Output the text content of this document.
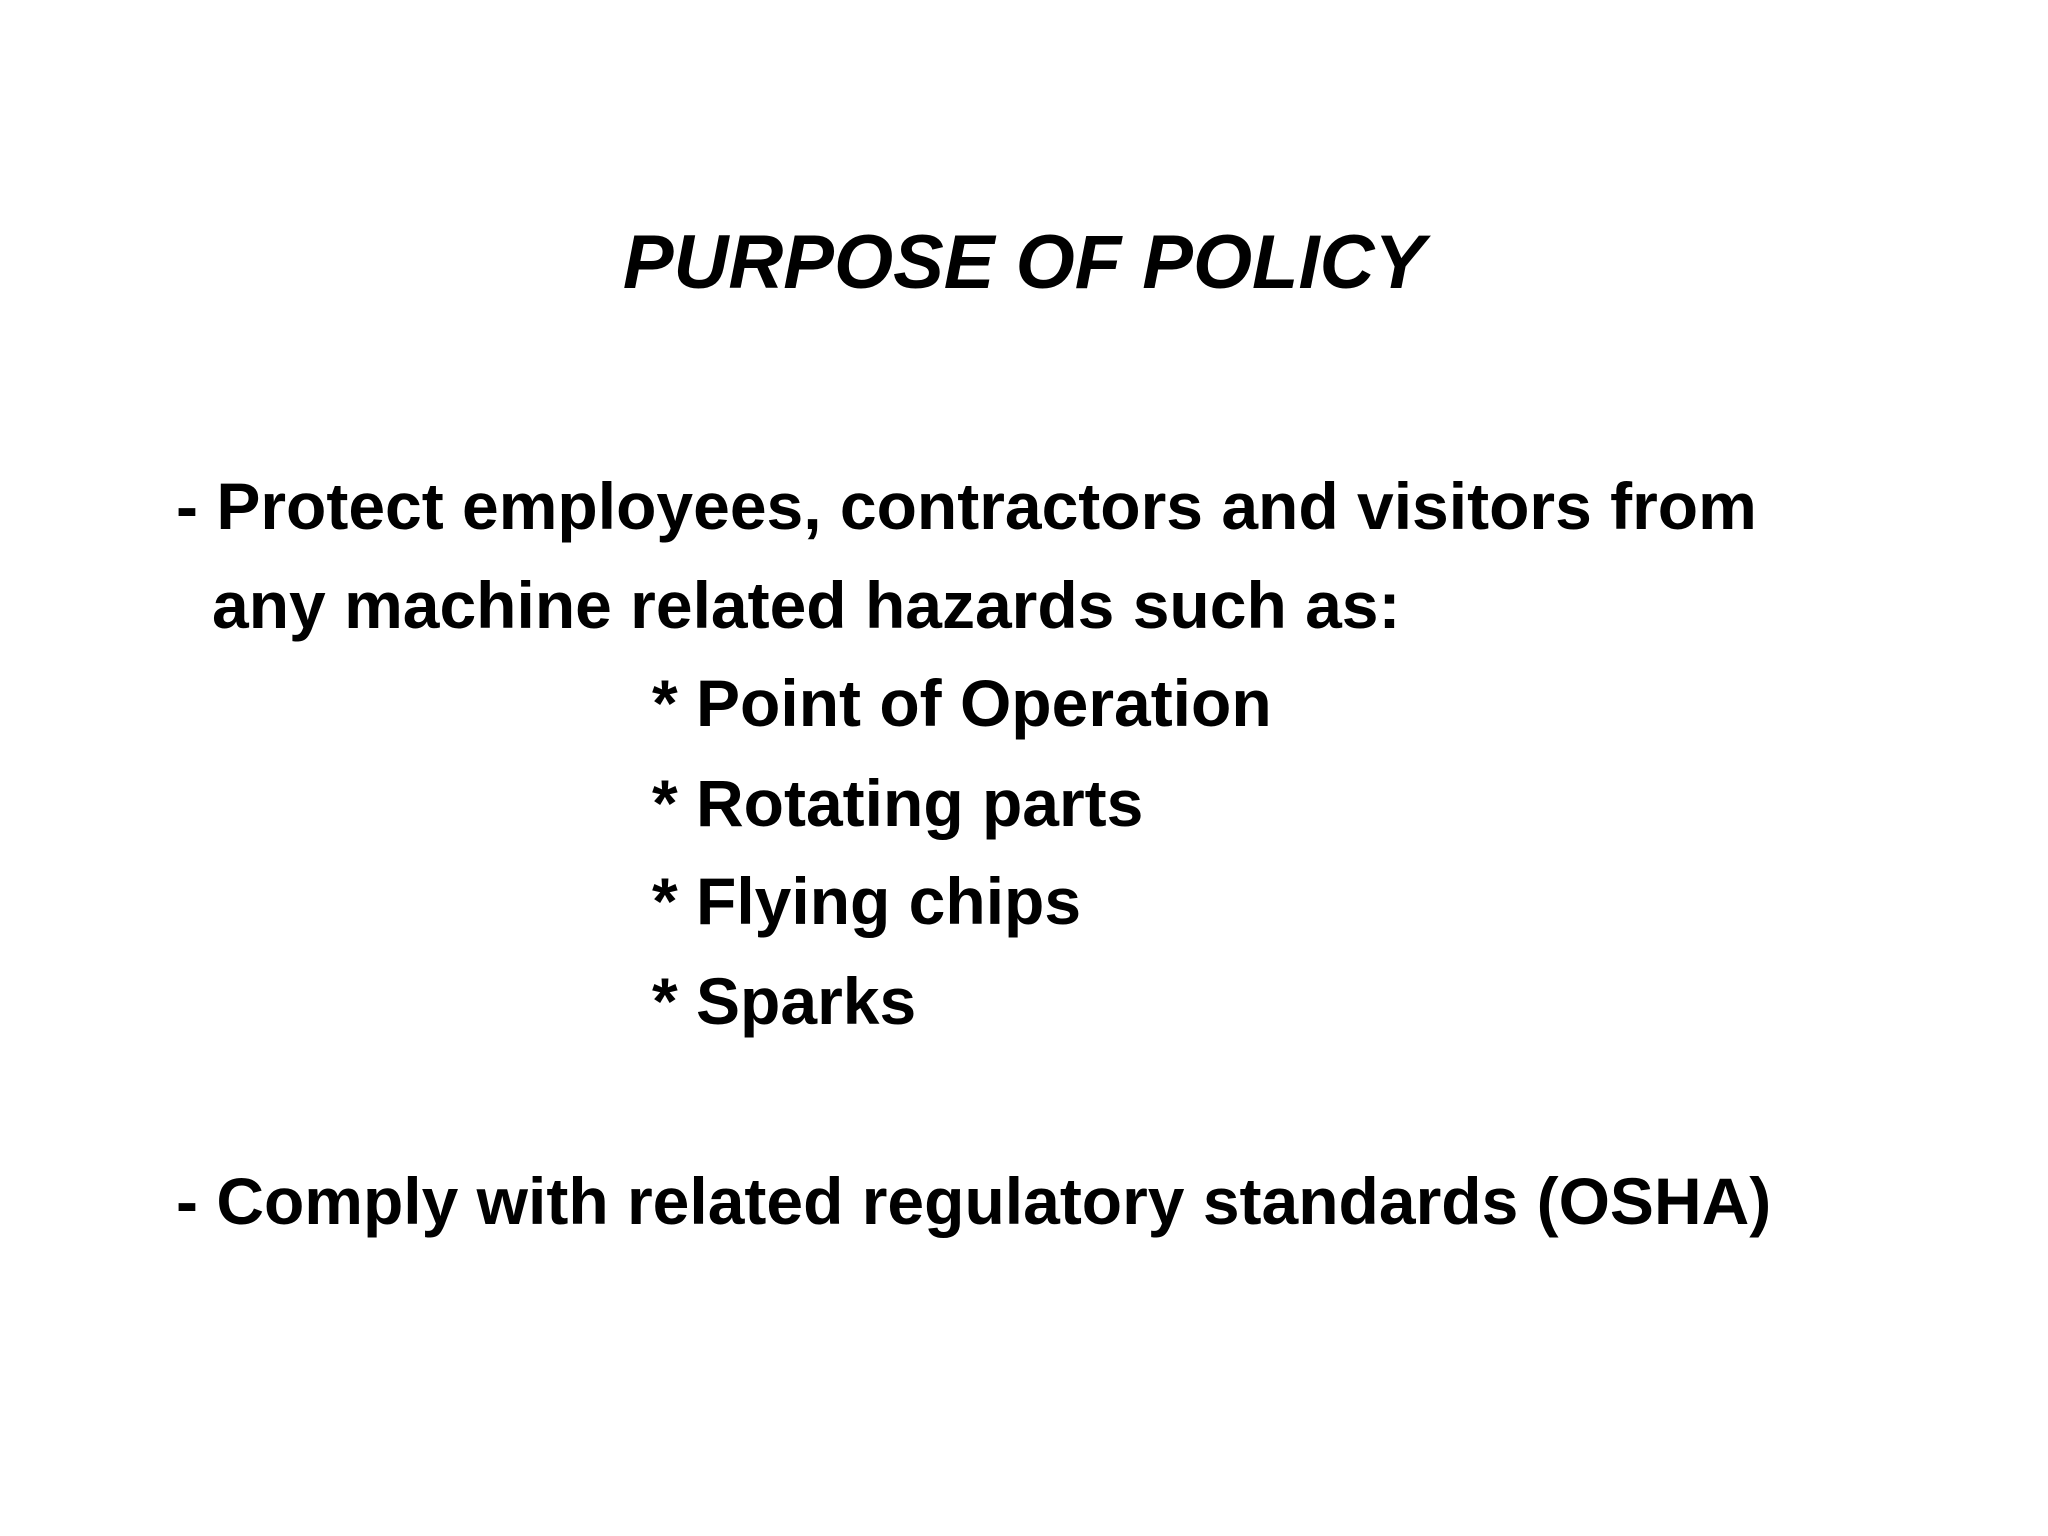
PURPOSE OF POLICY

- Protect employees, contractors and visitors from

any machine related hazards such as:

* Point of Operation

* Rotating parts

* Flying chips

* Sparks

- Comply with related regulatory standards (OSHA)
